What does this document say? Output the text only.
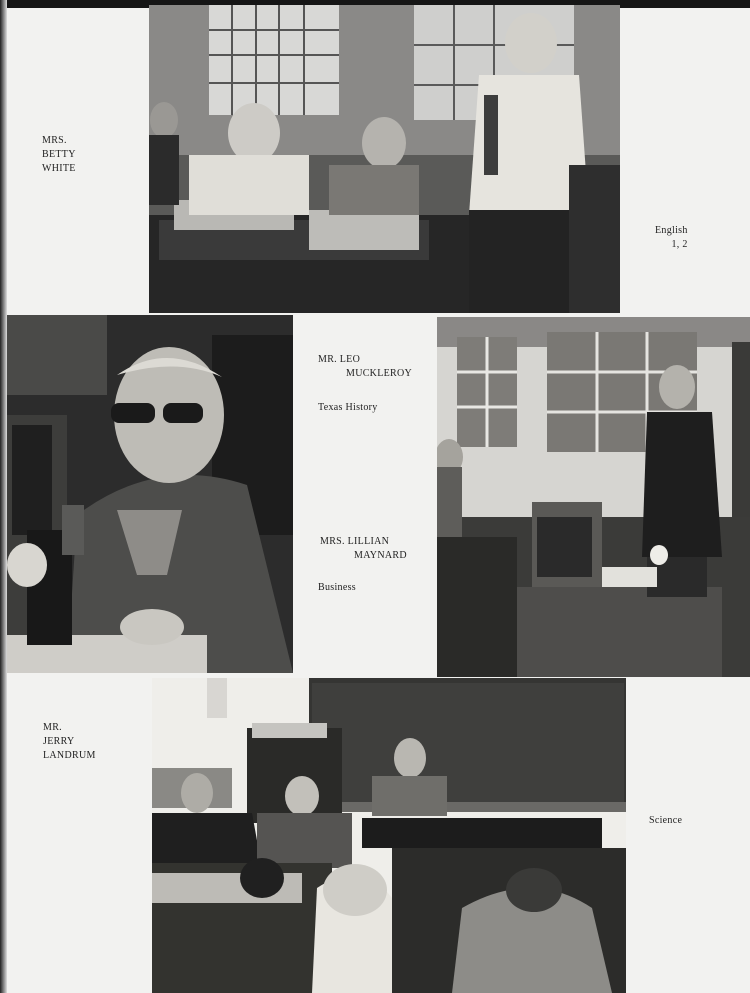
MRS.
BETTY
WHITE
English
1, 2
MR. LEO
MUCKLEROY
Texas History
MRS. LILLIAN
MAYNARD
Business
MR.
JERRY
LANDRUM
Science
